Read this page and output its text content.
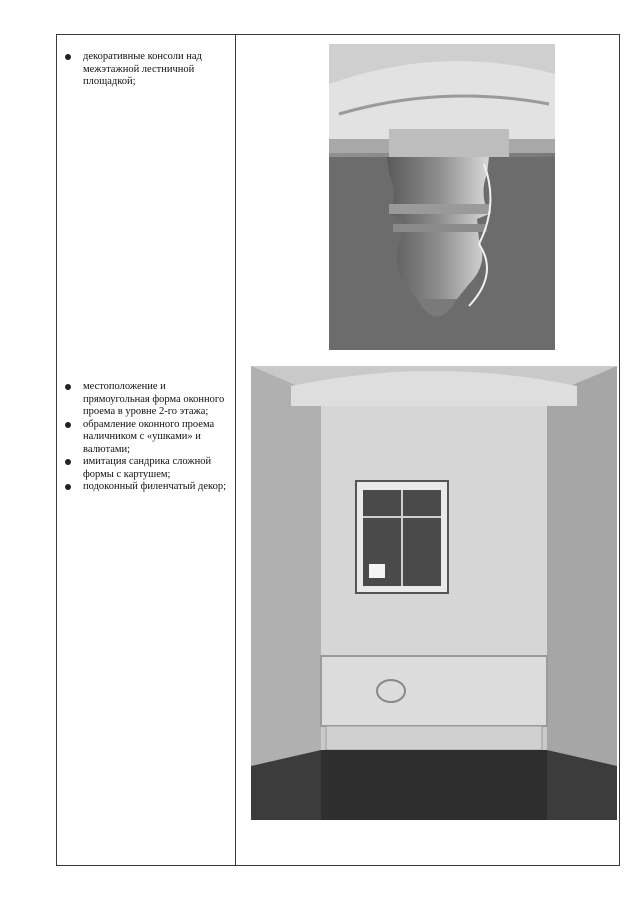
декоративные консоли над межэтажной лестничной площадкой;
местоположение и прямоугольная форма оконного проема в уровне 2-го этажа;
обрамление оконного проема наличником с «ушками» и валютами;
имитация сандрика сложной формы с картушем;
подоконный филенчатый декор;
